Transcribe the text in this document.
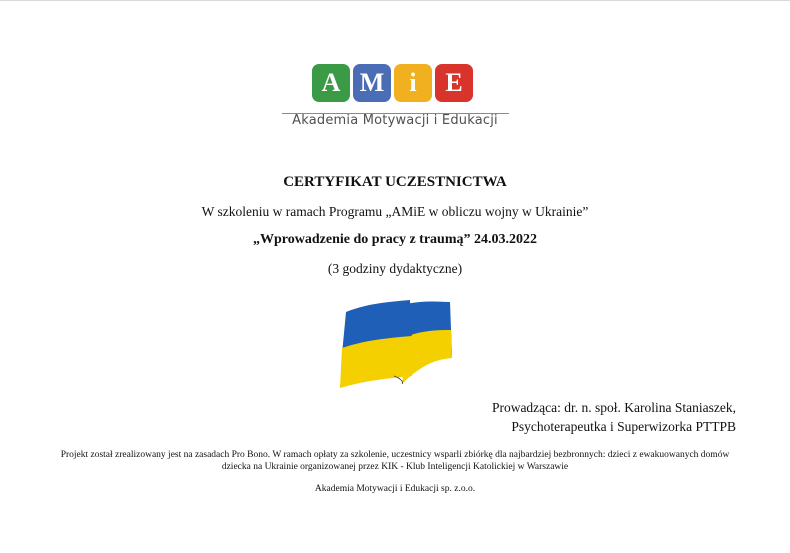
A M i	E
Akademia Motywacji i Edukacji
CERTYFIKAT UCZESTNICTWA
W szkoleniu w ramach Programu „AMiE w obliczu wojny w Ukrainie”
„Wprowadzenie do pracy z traumą” 24.03.2022
(3 godziny dydaktyczne)
Prowadząca: dr. n. społ. Karolina Staniaszek,
Psychoterapeutka i Superwizorka PTTPB
Projekt został zrealizowany jest na zasadach Pro Bono. W ramach opłaty za szkolenie, uczestnicy wsparli zbiórkę dla najbardziej bezbronnych: dzieci z ewakuowanych domów dziecka na Ukrainie organizowanej przez KIK - Klub Inteligencji Katolickiej w Warszawie
Akademia Motywacji i Edukacji sp. z.o.o.
